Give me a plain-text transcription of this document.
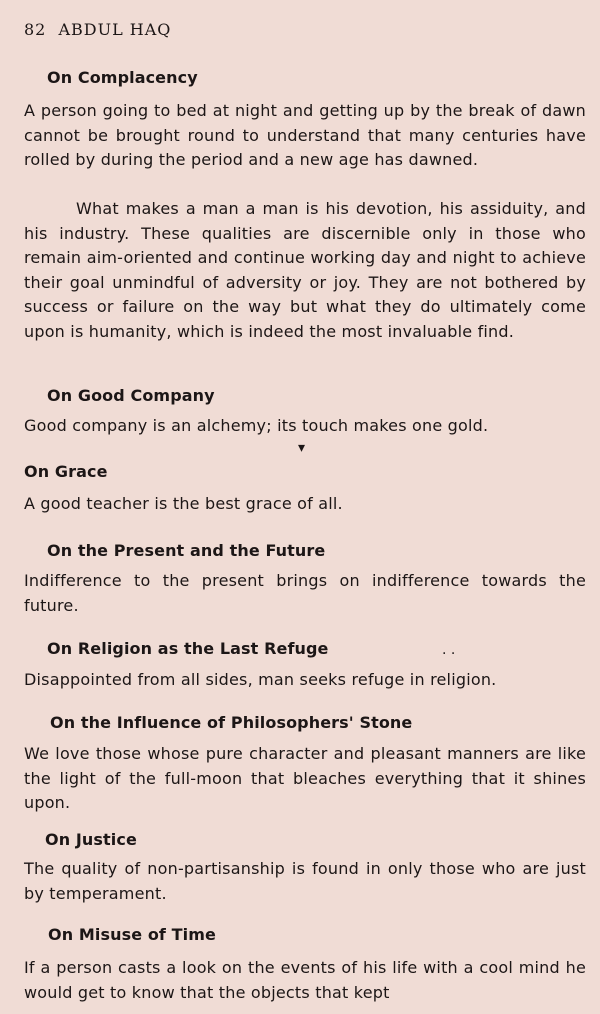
82 ABDUL HAQ
On Complacency
A person going to bed at night and getting up by the break of dawn cannot be brought round to understand that many centuries have rolled by during the period and a new age has dawned.
What makes a man a man is his devotion, his assiduity, and his industry. These qualities are discernible only in those who remain aim-oriented and continue working day and night to achieve their goal unmindful of adversity or joy. They are not bothered by success or failure on the way but what they do ultimately come upon is humanity, which is indeed the most invaluable find.
On Good Company
Good company is an alchemy; its touch makes one gold.
▾
On Grace
A good teacher is the best grace of all.
On the Present and the Future
Indifference to the present brings on indifference towards the future.
On Religion as the Last Refuge	. .
Disappointed from all sides, man seeks refuge in religion.
On the Influence of Philosophers' Stone
We love those whose pure character and pleasant manners are like the light of the full-moon that bleaches everything that it shines upon.
On Justice
The quality of non-partisanship is found in only those who are just by temperament.
On Misuse of Time
If a person casts a look on the events of his life with a cool mind he would get to know that the objects that kept
